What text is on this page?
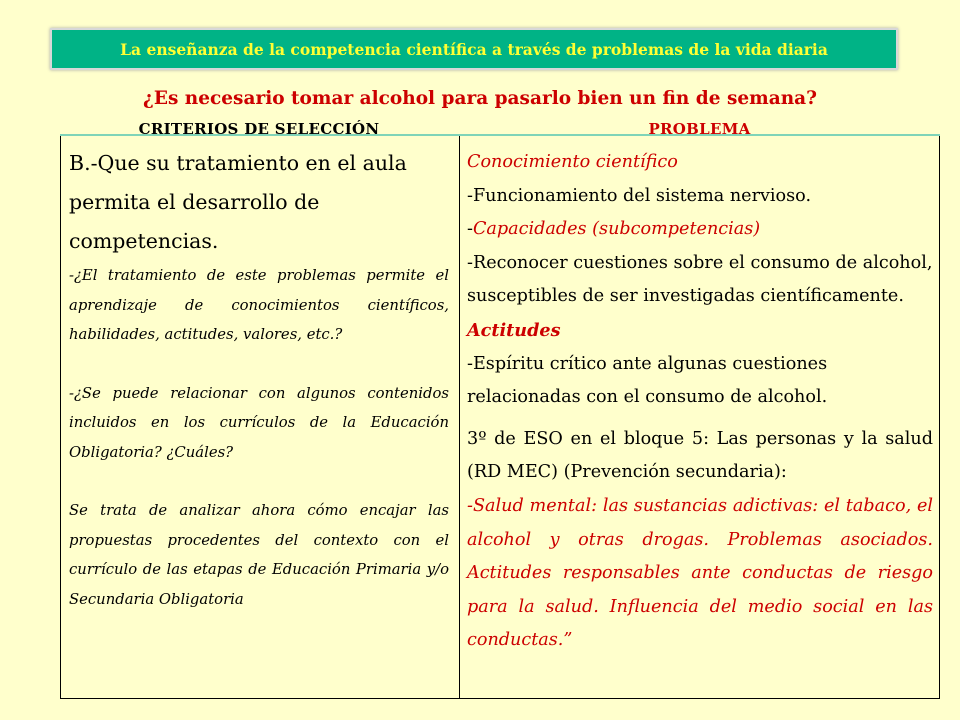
La enseñanza de la competencia científica a través de problemas de la vida diaria
¿Es necesario tomar alcohol para pasarlo bien un fin de semana?
CRITERIOS DE SELECCIÓN	PROBLEMA

B.-Que su tratamiento en el aula permita el desarrollo de competencias.

-¿El tratamiento de este problemas permite el aprendizaje de conocimientos científicos, habilidades, actitudes, valores, etc.?

-¿Se puede relacionar con algunos contenidos incluidos en los currículos de la Educación Obligatoria? ¿Cuáles?

Se trata de analizar ahora cómo encajar las propuestas procedentes del contexto con el currículo de las etapas de Educación Primaria y/o Secundaria Obligatoria

Conocimiento científico

-Funcionamiento del sistema nervioso.

-Capacidades (subcompetencias)

-Reconocer cuestiones sobre el consumo de alcohol, susceptibles de ser investigadas científicamente.

Actitudes

-Espíritu crítico ante algunas cuestiones relacionadas con el consumo de alcohol.

3º de ESO en el bloque 5: Las personas y la salud (RD MEC) (Prevención secundaria):

-Salud mental: las sustancias adictivas: el tabaco, el alcohol y otras drogas. Problemas asociados. Actitudes responsables ante conductas de riesgo para la salud. Influencia del medio social en las conductas.”
